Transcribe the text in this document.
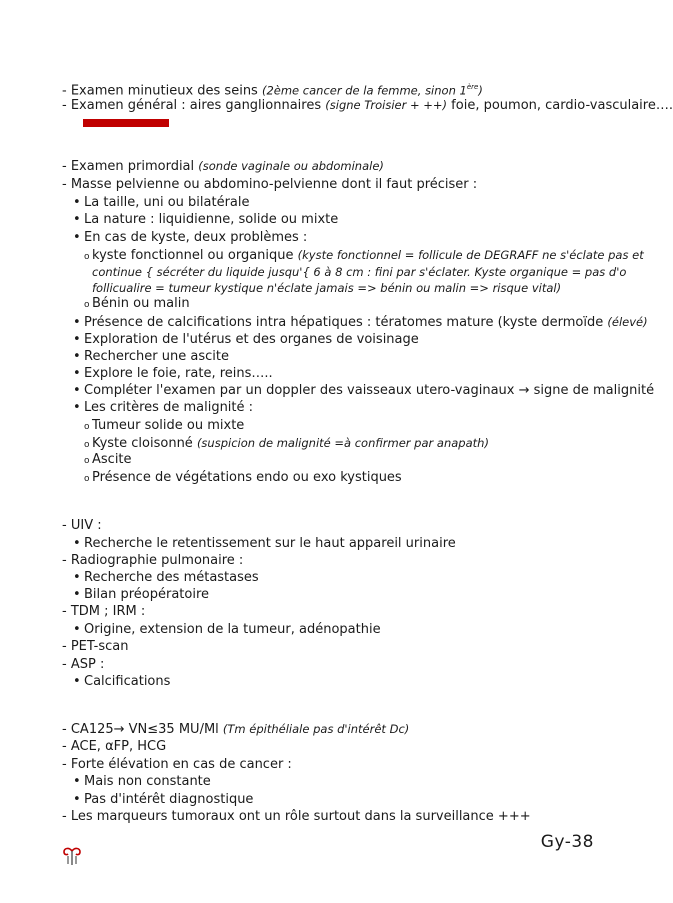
- Examen minutieux des seins (2ème cancer de la femme, sinon 1ère)
- Examen général : aires ganglionnaires (signe Troisier + ++) foie, poumon, cardio-vasculaire….
- Examen primordial (sonde vaginale ou abdominale)
- Masse pelvienne ou abdomino-pelvienne dont il faut préciser :
• La taille, uni ou bilatérale
• La nature : liquidienne, solide ou mixte
• En cas de kyste, deux problèmes :
o kyste fonctionnel ou organique (kyste fonctionnel = follicule de DEGRAFF ne s'éclate pas et
continue { sécréter du liquide jusqu'{ 6 à 8 cm : fini par s'éclater. Kyste organique = pas d'o
follicualire = tumeur kystique n'éclate jamais => bénin ou malin => risque vital)
o Bénin ou malin
• Présence de calcifications intra hépatiques : tératomes mature (kyste dermoïde (élevé)
• Exploration de l'utérus et des organes de voisinage
• Rechercher une ascite
• Explore le foie, rate, reins…..
• Compléter l'examen par un doppler des vaisseaux utero-vaginaux → signe de malignité
• Les critères de malignité :
o Tumeur solide ou mixte
o Kyste cloisonné (suspicion de malignité =à confirmer par anapath)
o Ascite
o Présence de végétations endo ou exo kystiques
- UIV :
• Recherche le retentissement sur le haut appareil urinaire
- Radiographie pulmonaire :
• Recherche des métastases
• Bilan préopératoire
- TDM ; IRM :
• Origine, extension de la tumeur, adénopathie
- PET-scan
- ASP :
• Calcifications
- CA125→ VN≤35 MU/Ml (Tm épithéliale pas d'intérêt Dc)
- ACE, αFP, HCG
- Forte élévation en cas de cancer :
• Mais non constante
• Pas d'intérêt diagnostique
- Les marqueurs tumoraux ont un rôle surtout dans la surveillance +++
Gy-38
